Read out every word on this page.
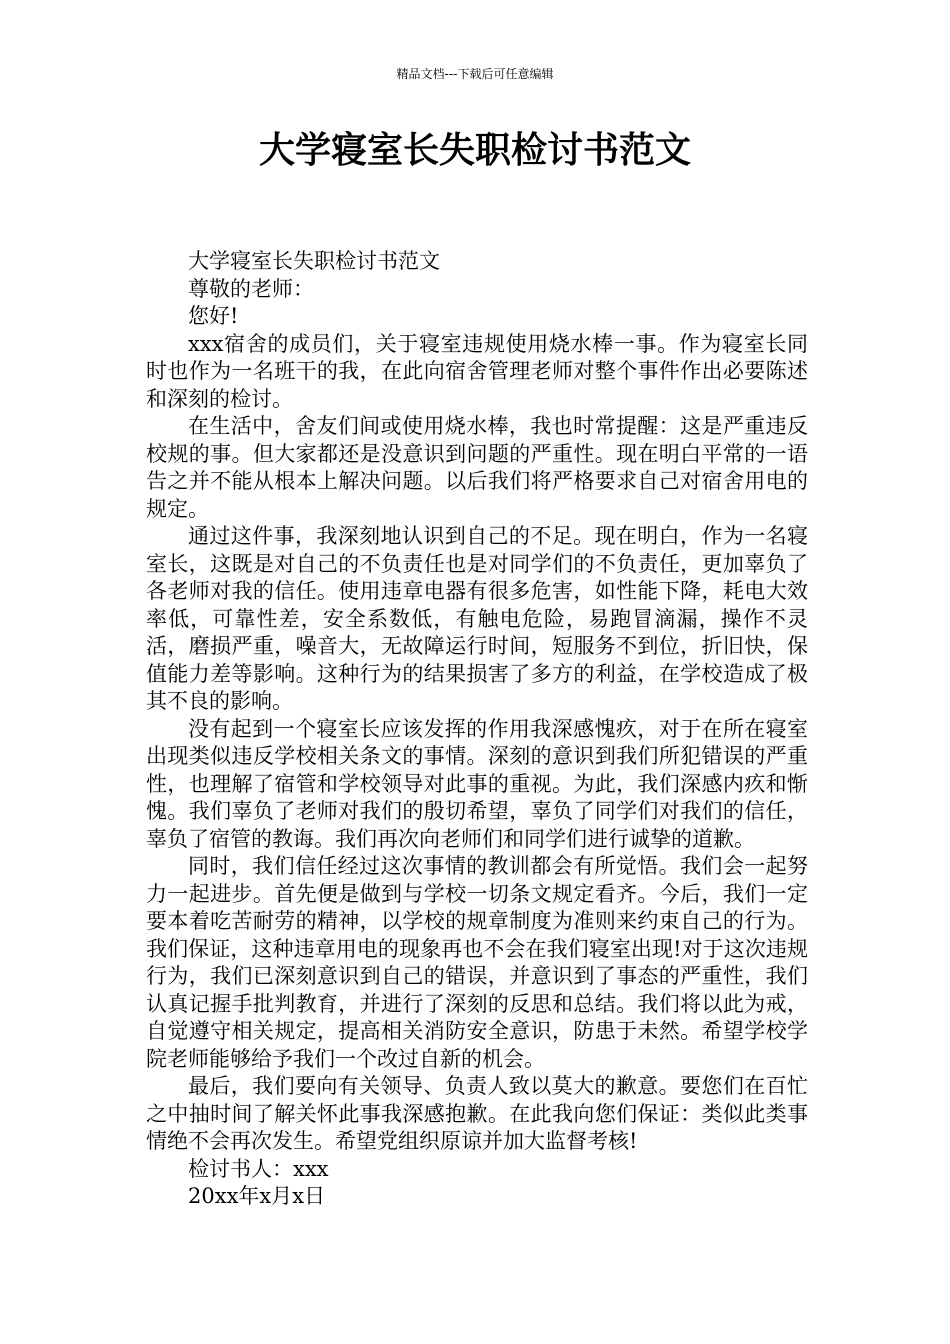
精品文档---下载后可任意编辑
大学寝室长失职检讨书范文

大学寝室长失职检讨书范文

尊敬的老师：

您好!

xxx宿舍的成员们，关于寝室违规使用烧水棒一事。作为寝室长同时也作为一名班干的我，在此向宿舍管理老师对整个事件作出必要陈述和深刻的检讨。

在生活中，舍友们间或使用烧水棒，我也时常提醒：这是严重违反校规的事。但大家都还是没意识到问题的严重性。现在明白平常的一语告之并不能从根本上解决问题。以后我们将严格要求自己对宿舍用电的规定。

通过这件事，我深刻地认识到自己的不足。现在明白，作为一名寝室长，这既是对自己的不负责任也是对同学们的不负责任，更加辜负了各老师对我的信任。使用违章电器有很多危害，如性能下降，耗电大效率低，可靠性差，安全系数低，有触电危险，易跑冒滴漏，操作不灵活，磨损严重，噪音大，无故障运行时间，短服务不到位，折旧快，保值能力差等影响。这种行为的结果损害了多方的利益，在学校造成了极其不良的影响。

没有起到一个寝室长应该发挥的作用我深感愧疚，对于在所在寝室出现类似违反学校相关条文的事情。深刻的意识到我们所犯错误的严重性，也理解了宿管和学校领导对此事的重视。为此，我们深感内疚和惭愧。我们辜负了老师对我们的殷切希望，辜负了同学们对我们的信任，辜负了宿管的教诲。我们再次向老师们和同学们进行诚挚的道歉。

同时，我们信任经过这次事情的教训都会有所觉悟。我们会一起努力一起进步。首先便是做到与学校一切条文规定看齐。今后，我们一定要本着吃苦耐劳的精神，以学校的规章制度为准则来约束自己的行为。我们保证，这种违章用电的现象再也不会在我们寝室出现!对于这次违规行为，我们已深刻意识到自己的错误，并意识到了事态的严重性，我们认真记握手批判教育，并进行了深刻的反思和总结。我们将以此为戒，自觉遵守相关规定，提高相关消防安全意识，防患于未然。希望学校学院老师能够给予我们一个改过自新的机会。

最后，我们要向有关领导、负责人致以莫大的歉意。要您们在百忙之中抽时间了解关怀此事我深感抱歉。在此我向您们保证：类似此类事情绝不会再次发生。希望党组织原谅并加大监督考核!

检讨书人：xxx

20xx年x月x日
